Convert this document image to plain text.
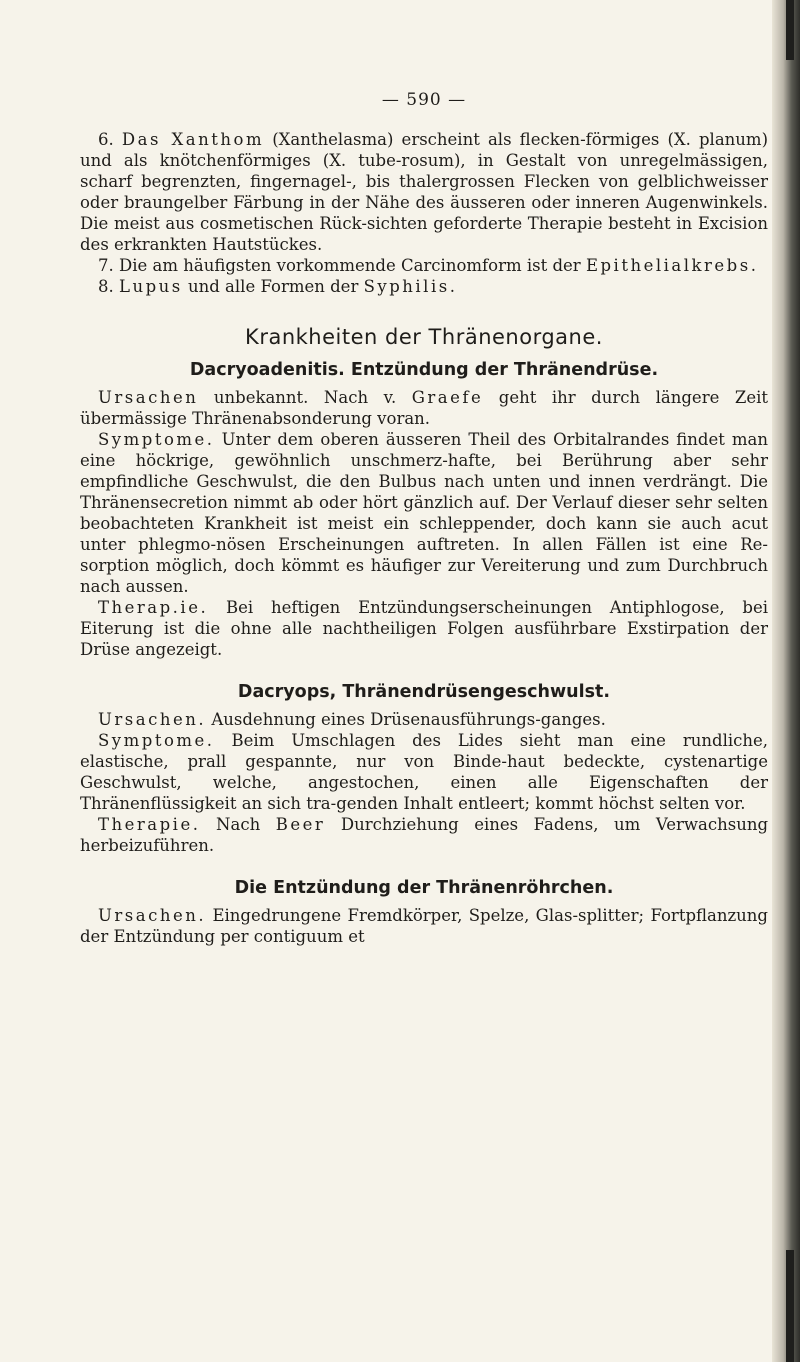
— 590 —

6. Das Xanthom (Xanthelasma) erscheint als flecken-förmiges (X. planum) und als knötchenförmiges (X. tube-rosum), in Gestalt von unregelmässigen, scharf begrenzten, fingernagel-, bis thalergrossen Flecken von gelblichweisser oder braungelber Färbung in der Nähe des äusseren oder inneren Augenwinkels. Die meist aus cosmetischen Rück-sichten geforderte Therapie besteht in Excision des erkrankten Hautstückes.

7. Die am häufigsten vorkommende Carcinomform ist der Epithelialkrebs.

8. Lupus und alle Formen der Syphilis.

Krankheiten der Thränenorgane.
Dacryoadenitis. Entzündung der Thränendrüse.

Ursachen unbekannt. Nach v. Graefe geht ihr durch längere Zeit übermässige Thränenabsonderung voran.

Symptome. Unter dem oberen äusseren Theil des Orbitalrandes findet man eine höckrige, gewöhnlich unschmerz-hafte, bei Berührung aber sehr empfindliche Geschwulst, die den Bulbus nach unten und innen verdrängt. Die Thränensecretion nimmt ab oder hört gänzlich auf. Der Verlauf dieser sehr selten beobachteten Krankheit ist meist ein schleppender, doch kann sie auch acut unter phlegmo-nösen Erscheinungen auftreten. In allen Fällen ist eine Re-sorption möglich, doch kömmt es häufiger zur Vereiterung und zum Durchbruch nach aussen.

Therap.ie. Bei heftigen Entzündungserscheinungen Antiphlogose, bei Eiterung ist die ohne alle nachtheiligen Folgen ausführbare Exstirpation der Drüse angezeigt.

Dacryops, Thränendrüsengeschwulst.

Ursachen. Ausdehnung eines Drüsenausführungs-ganges.

Symptome. Beim Umschlagen des Lides sieht man eine rundliche, elastische, prall gespannte, nur von Binde-haut bedeckte, cystenartige Geschwulst, welche, angestochen, einen alle Eigenschaften der Thränenflüssigkeit an sich tra-genden Inhalt entleert; kommt höchst selten vor.

Therapie. Nach Beer Durchziehung eines Fadens, um Verwachsung herbeizuführen.

Die Entzündung der Thränenröhrchen.

Ursachen. Eingedrungene Fremdkörper, Spelze, Glas-splitter; Fortpflanzung der Entzündung per contiguum et
